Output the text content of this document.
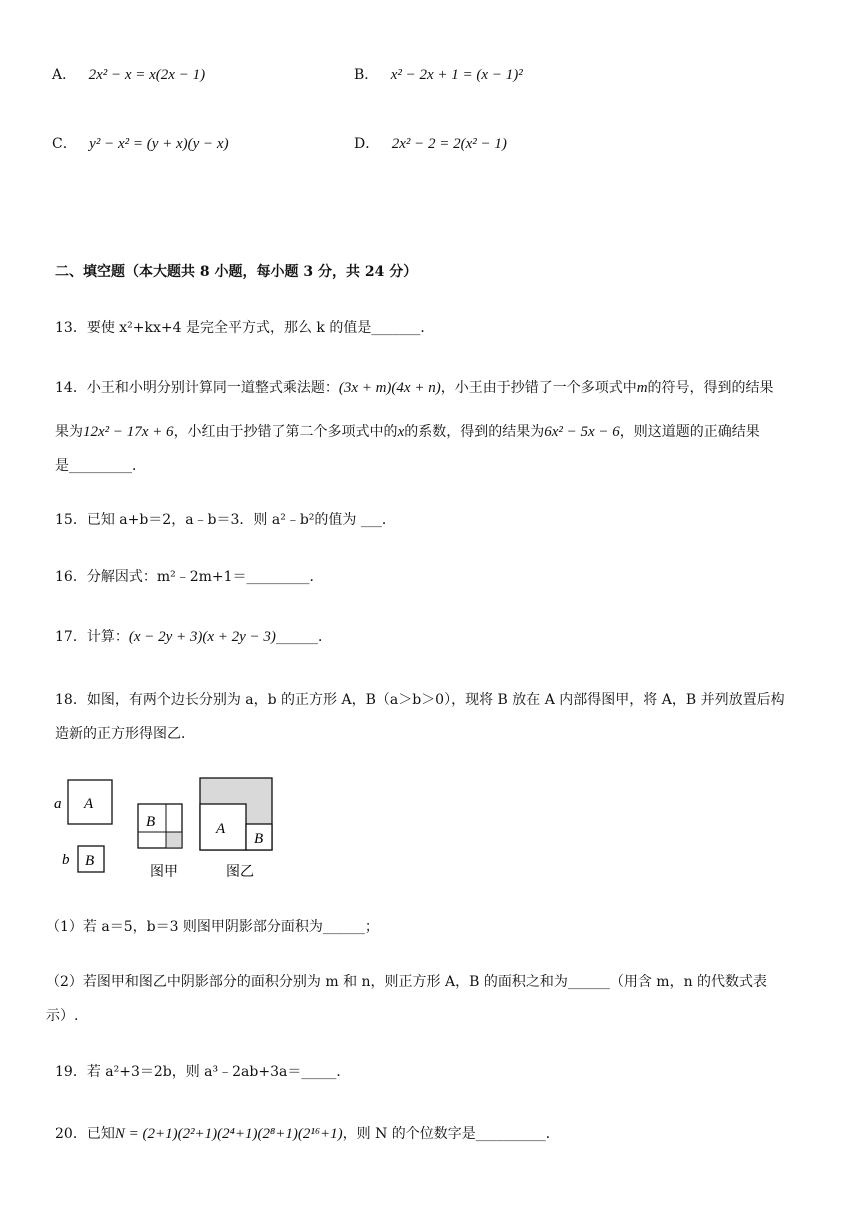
A． 2x² − x = x(2x − 1)	B． x² − 2x + 1 = (x − 1)²
C． y² − x² = (y + x)(y − x)	D． 2x² − 2 = 2(x² − 1)
二、填空题（本大题共 8 小题，每小题 3 分，共 24 分）
13．要使 x²+kx+4 是完全平方式，那么 k 的值是_______．
14．小王和小明分别计算同一道整式乘法题：(3x + m)(4x + n)，小王由于抄错了一个多项式中m的符号，得到的结果
果为12x² − 17x + 6，小红由于抄错了第二个多项式中的x的系数，得到的结果为6x² − 5x − 6，则这道题的正确结果
是_________．
15．已知 a+b＝2，a﹣b＝3．则 a²﹣b²的值为 ___．
16．分解因式：m²﹣2m+1＝_________．
17．计算：(x − 2y + 3)(x + 2y − 3)______．
18．如图，有两个边长分别为 a，b 的正方形 A，B（a＞b＞0），现将 B 放在 A 内部得图甲，将 A，B 并列放置后构
造新的正方形得图乙．
a A
b B
B
图甲
A
B
图乙
（1）若 a＝5，b＝3 则图甲阴影部分面积为______；
（2）若图甲和图乙中阴影部分的面积分别为 m 和 n，则正方形 A，B 的面积之和为______（用含 m，n 的代数式表
示）.
19．若 a²+3＝2b，则 a³﹣2ab+3a＝_____．
20．已知N = (2+1)(2²+1)(2⁴+1)(2⁸+1)(2¹⁶+1)，则 N 的个位数字是__________．
